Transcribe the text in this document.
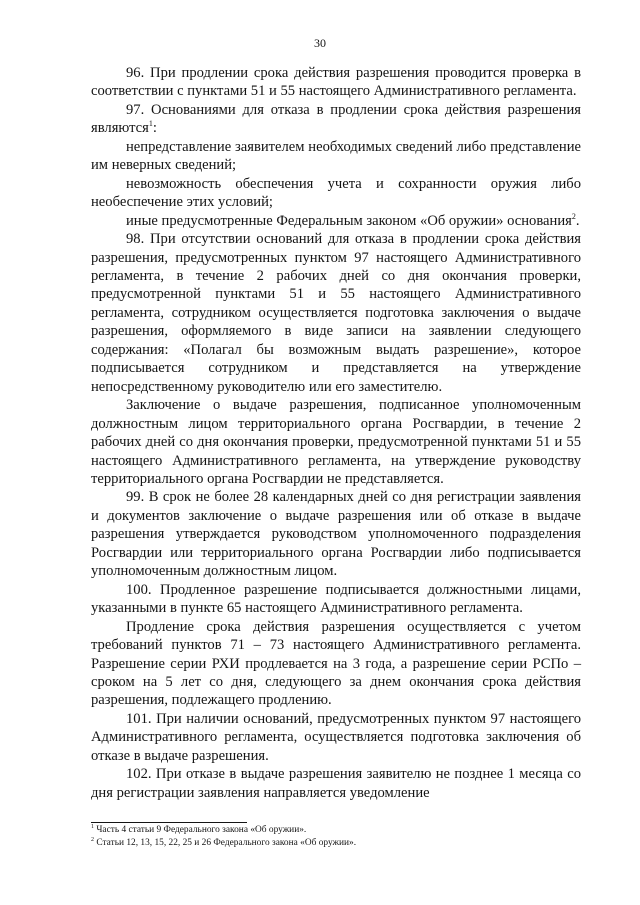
30

96. При продлении срока действия разрешения проводится проверка в соответствии с пунктами 51 и 55 настоящего Административного регламента.

97. Основаниями для отказа в продлении срока действия разрешения являются$^1$:

непредставление заявителем необходимых сведений либо представление им неверных сведений;

невозможность обеспечения учета и сохранности оружия либо необеспечение этих условий;

иные предусмотренные Федеральным законом «Об оружии» основания$^2$.

98. При отсутствии оснований для отказа в продлении срока действия разрешения, предусмотренных пунктом 97 настоящего Административного регламента, в течение 2 рабочих дней со дня окончания проверки, предусмотренной пунктами 51 и 55 настоящего Административного регламента, сотрудником осуществляется подготовка заключения о выдаче разрешения, оформляемого в виде записи на заявлении следующего содержания: «Полагал бы возможным выдать разрешение», которое подписывается сотрудником и представляется на утверждение непосредственному руководителю или его заместителю.

Заключение о выдаче разрешения, подписанное уполномоченным должностным лицом территориального органа Росгвардии, в течение 2 рабочих дней со дня окончания проверки, предусмотренной пунктами 51 и 55 настоящего Административного регламента, на утверждение руководству территориального органа Росгвардии не представляется.

99. В срок не более 28 календарных дней со дня регистрации заявления и документов заключение о выдаче разрешения или об отказе в выдаче разрешения утверждается руководством уполномоченного подразделения Росгвардии или территориального органа Росгвардии либо подписывается уполномоченным должностным лицом.

100. Продленное разрешение подписывается должностными лицами, указанными в пункте 65 настоящего Административного регламента.

Продление срока действия разрешения осуществляется с учетом требований пунктов 71 – 73 настоящего Административного регламента. Разрешение серии РХИ продлевается на 3 года, а разрешение серии РСПо – сроком на 5 лет со дня, следующего за днем окончания срока действия разрешения, подлежащего продлению.

101. При наличии оснований, предусмотренных пунктом 97 настоящего Административного регламента, осуществляется подготовка заключения об отказе в выдаче разрешения.

102. При отказе в выдаче разрешения заявителю не позднее 1 месяца со дня регистрации заявления направляется уведомление

$^1$ Часть 4 статьи 9 Федерального закона «Об оружии».

$^2$ Статьи 12, 13, 15, 22, 25 и 26 Федерального закона «Об оружии».
